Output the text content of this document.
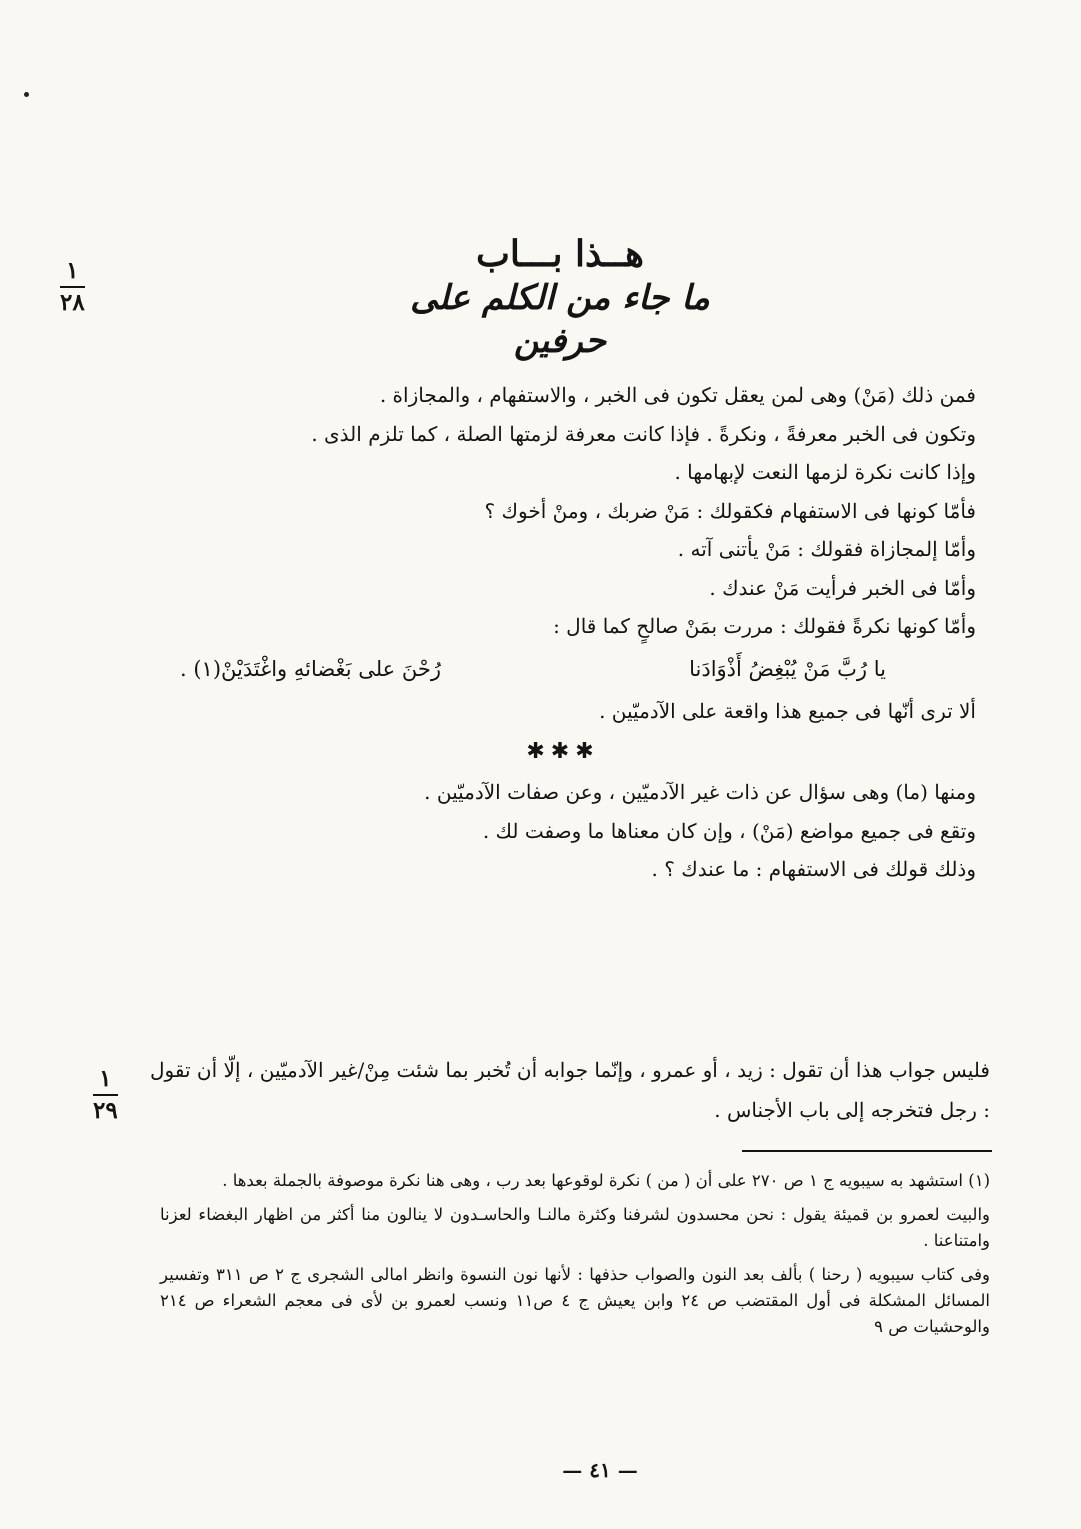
١
٢٨
هــذا بـــاب
ما جاء من الكلم على حرفين

فمن ذلك (مَنْ) وهى لمن يعقل تكون فى الخبر ، والاستفهام ، والمجازاة .

وتكون فى الخبر معرفةً ، ونكرةً . فإذا كانت معرفة لزمتها الصلة ، كما تلزم الذى .

وإذا كانت نكرة لزمها النعت لإبهامها .

فأمّا كونها فى الاستفهام فكقولك : مَنْ ضربك ، ومنْ أخوك ؟

وأمّا إلمجازاة فقولك : مَنْ يأتنى آته .

وأمّا فى الخبر فرأيت مَنْ عندك .

وأمّا كونها نكرةً فقولك : مررت بمَنْ صالحٍ كما قال :

يا رُبَّ مَنْ يُبْغِضُ أَذْوَادَنا
رُحْنَ على بَغْضائهِ واغْتَدَيْنْ(١) .

ألا ترى أنّها فى جميع هذا واقعة على الآدميّين .

✱✱✱

ومنها (ما) وهى سؤال عن ذات غير الآدميّين ، وعن صفات الآدميّين .

وتقع فى جميع مواضع (مَنْ) ، وإن كان معناها ما وصفت لك .

وذلك قولك فى الاستفهام : ما عندك ؟ .

١
٢٩

فليس جواب هذا أن تقول : زيد ، أو عمرو ، وإنّما جوابه أن تُخبر بما شئت مِنْ/غير الآدميّين ، إلّا أن تقول : رجل فتخرجه إلى باب الأجناس .

(١) استشهد به سيبويه ج ١ ص ٢٧٠ على أن ( من ) نكرة لوقوعها بعد رب ، وهى هنا نكرة موصوفة بالجملة بعدها .

والبيت لعمرو بن قميئة يقول : نحن محسدون لشرفنا وكثرة مالنـا والحاسـدون لا ينالون منا أكثر من اظهار البغضاء لعزنا وامتناعنا .

وفى كتاب سيبويه ( رحنا ) بألف بعد النون والصواب حذفها : لأنها نون النسوة وانظر امالى الشجرى ج ٢ ص ٣١١ وتفسير المسائل المشكلة فى أول المقتضب ص ٢٤ وابن يعيش ج ٤ ص١١ ونسب لعمرو بن لأى فى معجم الشعراء ص ٢١٤ والوحشيات ص ٩

— ٤١ —
